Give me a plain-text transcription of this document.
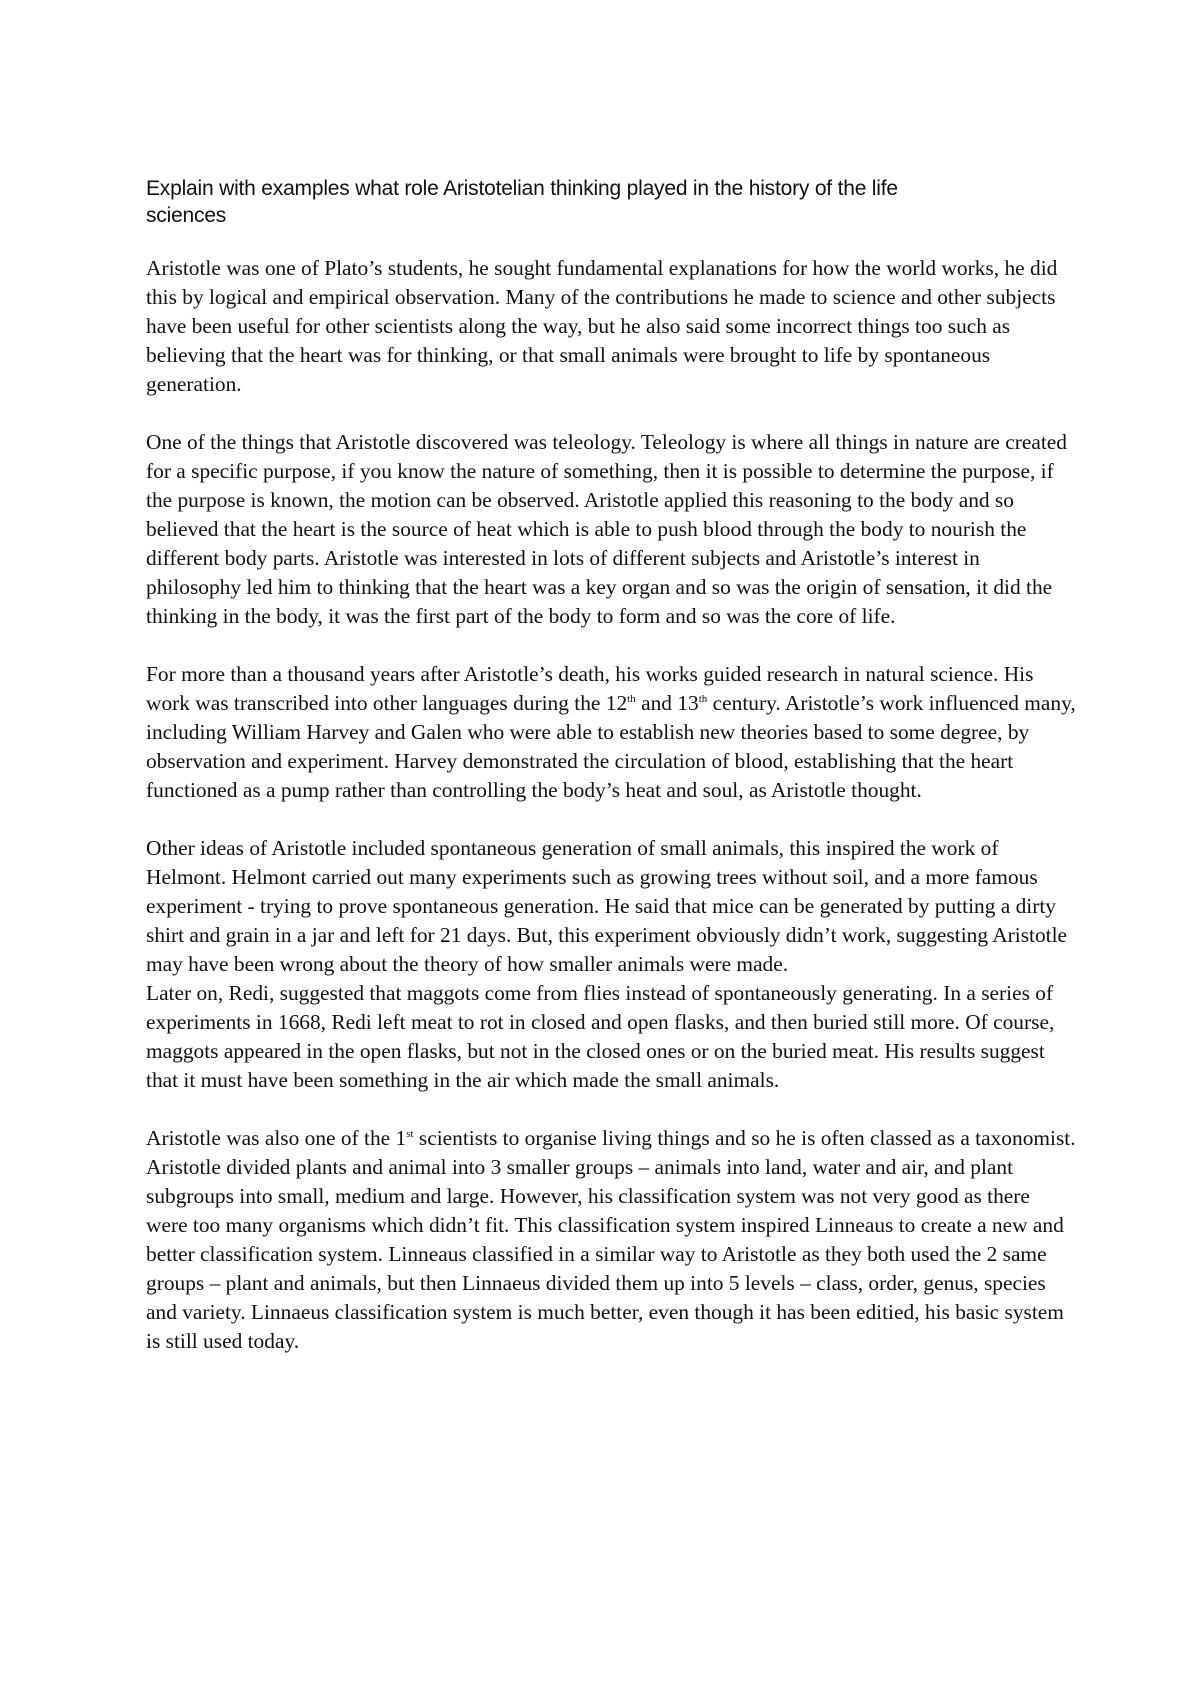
Explain with examples what role Aristotelian thinking played in the history of the life sciences

Aristotle was one of Plato’s students, he sought fundamental explanations for how the world works, he did this by logical and empirical observation. Many of the contributions he made to science and other subjects have been useful for other scientists along the way, but he also said some incorrect things too such as believing that the heart was for thinking, or that small animals were brought to life by spontaneous generation.

One of the things that Aristotle discovered was teleology. Teleology is where all things in nature are created for a specific purpose, if you know the nature of something, then it is possible to determine the purpose, if the purpose is known, the motion can be observed. Aristotle applied this reasoning to the body and so believed that the heart is the source of heat which is able to push blood through the body to nourish the different body parts. Aristotle was interested in lots of different subjects and Aristotle’s interest in philosophy led him to thinking that the heart was a key organ and so was the origin of sensation, it did the thinking in the body, it was the first part of the body to form and so was the core of life.

For more than a thousand years after Aristotle’s death, his works guided research in natural science. His work was transcribed into other languages during the 12th and 13th century. Aristotle’s work influenced many, including William Harvey and Galen who were able to establish new theories based to some degree, by observation and experiment. Harvey demonstrated the circulation of blood, establishing that the heart functioned as a pump rather than controlling the body’s heat and soul, as Aristotle thought.

Other ideas of Aristotle included spontaneous generation of small animals, this inspired the work of Helmont. Helmont carried out many experiments such as growing trees without soil, and a more famous experiment - trying to prove spontaneous generation. He said that mice can be generated by putting a dirty shirt and grain in a jar and left for 21 days. But, this experiment obviously didn’t work, suggesting Aristotle may have been wrong about the theory of how smaller animals were made.

Later on, Redi, suggested that maggots come from flies instead of spontaneously generating. In a series of experiments in 1668, Redi left meat to rot in closed and open flasks, and then buried still more. Of course, maggots appeared in the open flasks, but not in the closed ones or on the buried meat. His results suggest that it must have been something in the air which made the small animals.

Aristotle was also one of the 1st scientists to organise living things and so he is often classed as a taxonomist. Aristotle divided plants and animal into 3 smaller groups – animals into land, water and air, and plant subgroups into small, medium and large. However, his classification system was not very good as there were too many organisms which didn’t fit. This classification system inspired Linneaus to create a new and better classification system. Linneaus classified in a similar way to Aristotle as they both used the 2 same groups – plant and animals, but then Linnaeus divided them up into 5 levels – class, order, genus, species and variety. Linnaeus classification system is much better, even though it has been editied, his basic system is still used today.
